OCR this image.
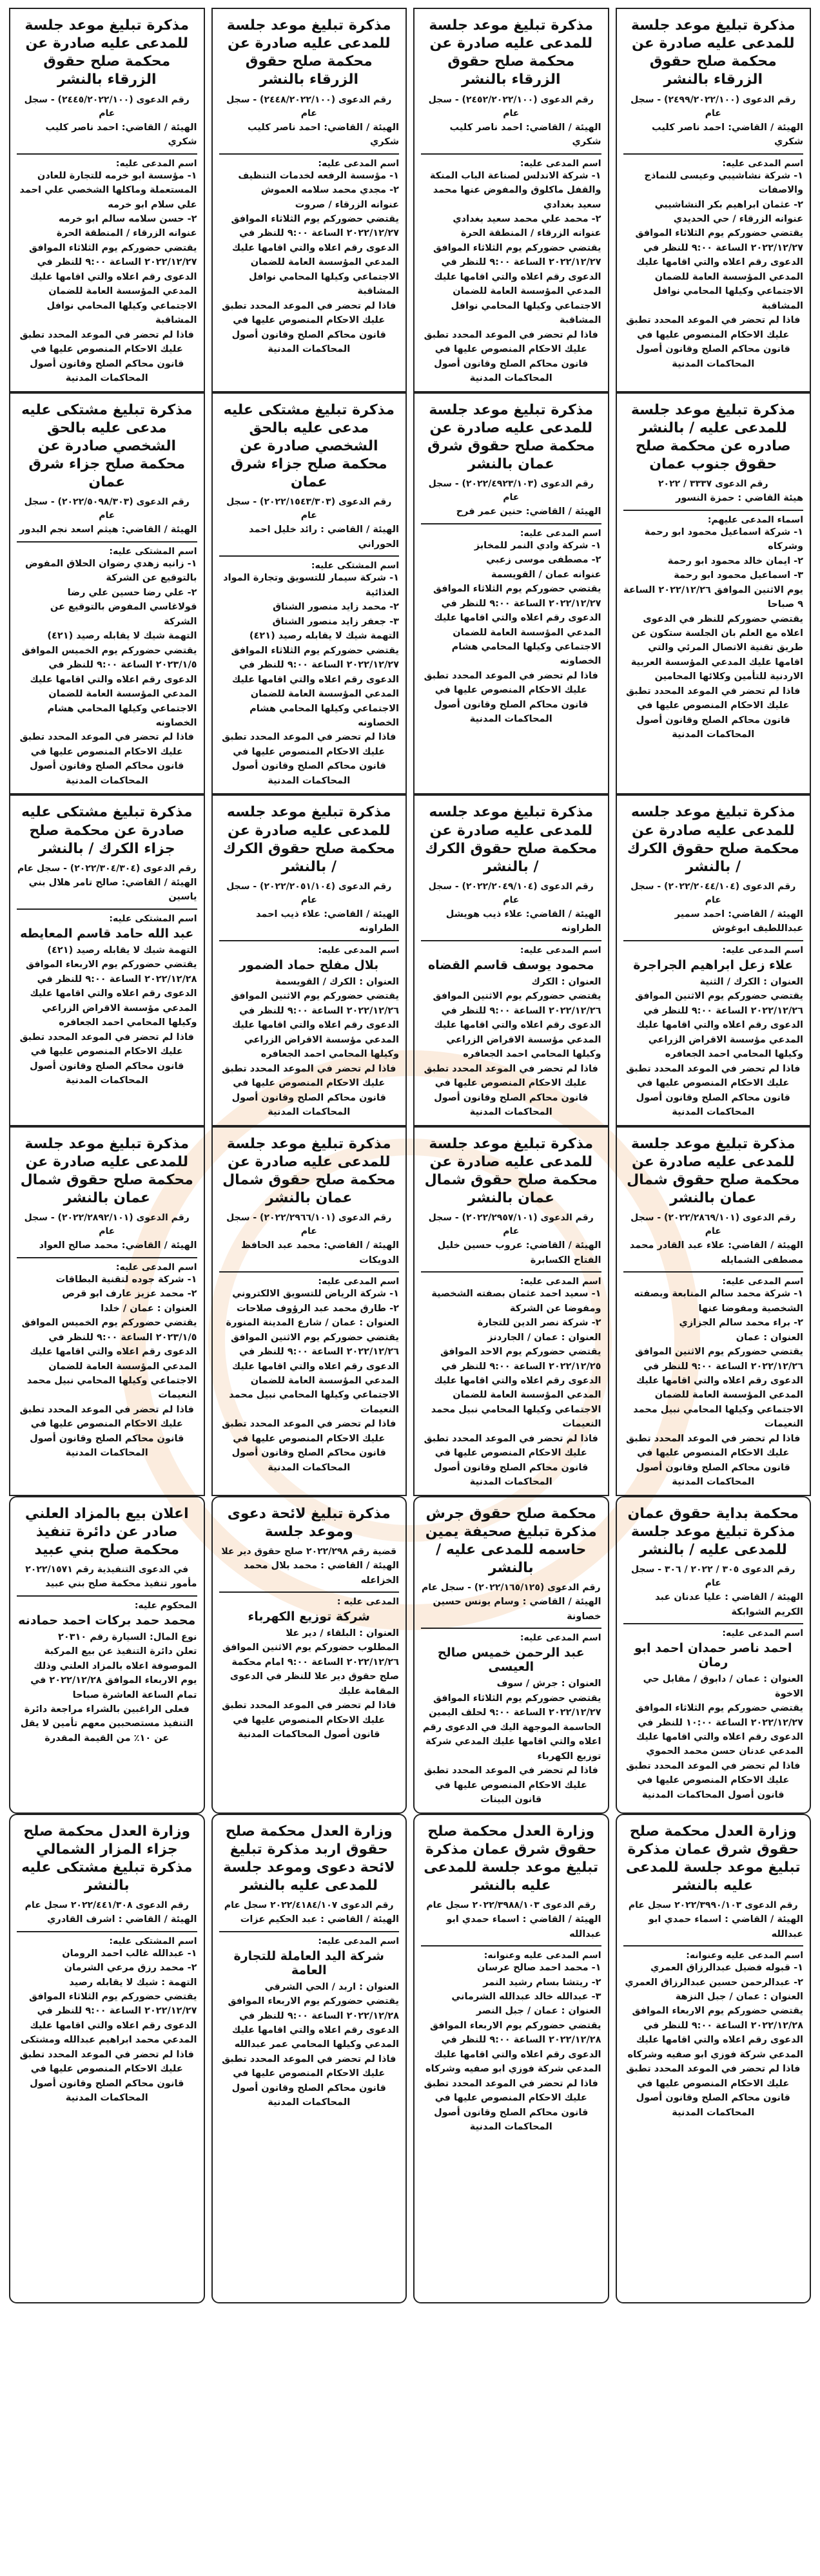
مذكرة تبليغ موعد جلسة للمدعى عليه صادرة عن محكمة صلح حقوق الزرقاء بالنشر
رقم الدعوى (٢٤٩٩/٢٠٢٢/١٠٠) - سجل عام
الهيئة / القاضي: احمد ناصر كليب شكري
اسم المدعى عليه:
١- شركة نشاشيبي وعيسى للنماذج والاصفات
٢- عثمان ابراهيم بكر النشاشيبي
عنوانه الزرقاء / حي الحديدي
يقتضي حضوركم يوم الثلاثاء الموافق ٢٠٢٢/١٢/٢٧ الساعة ٩:٠٠ للنظر في الدعوى رقم اعلاه والتي اقامها عليك المدعي المؤسسة العامة للضمان الاجتماعي وكيلها المحامي نوافل المشاقبة
فاذا لم تحضر في الموعد المحدد تطبق عليك الاحكام المنصوص عليها في قانون محاكم الصلح وقانون أصول المحاكمات المدنية
مذكرة تبليغ موعد جلسة للمدعى عليه صادرة عن محكمة صلح حقوق الزرقاء بالنشر
رقم الدعوى (٢٤٥٢/٢٠٢٢/١٠٠) - سجل عام
الهيئة / القاضي: احمد ناصر كليب شكري
اسم المدعى عليه:
١- شركة الاندلس لصناعة الباب المنكة والقفل ماكلوق والمفوض عنها محمد سعيد بغدادي
٢- محمد علي محمد سعيد بغدادي
عنوانه الزرقاء / المنطقة الحرة
يقتضي حضوركم يوم الثلاثاء الموافق ٢٠٢٢/١٢/٢٧ الساعة ٩:٠٠ للنظر في الدعوى رقم اعلاه والتي اقامها عليك المدعي المؤسسة العامة للضمان الاجتماعي وكيلها المحامي نوافل المشاقبة
فاذا لم تحضر في الموعد المحدد تطبق عليك الاحكام المنصوص عليها في قانون محاكم الصلح وقانون أصول المحاكمات المدنية
مذكرة تبليغ موعد جلسة للمدعى عليه صادرة عن محكمة صلح حقوق الزرقاء بالنشر
رقم الدعوى (٢٤٤٨/٢٠٢٢/١٠٠) - سجل عام
الهيئة / القاضي: احمد ناصر كليب شكري
اسم المدعى عليه:
١- مؤسسة الرفعه لخدمات التنظيف
٢- مجدي محمد سلامه العموش
عنوانه الزرقاء / صروت
يقتضي حضوركم يوم الثلاثاء الموافق ٢٠٢٢/١٢/٢٧ الساعة ٩:٠٠ للنظر في الدعوى رقم اعلاه والتي اقامها عليك المدعي المؤسسة العامة للضمان الاجتماعي وكيلها المحامي نوافل المشاقبة
فاذا لم تحضر في الموعد المحدد تطبق عليك الاحكام المنصوص عليها في قانون محاكم الصلح وقانون أصول المحاكمات المدنية
مذكرة تبليغ موعد جلسة للمدعى عليه صادرة عن محكمة صلح حقوق الزرقاء بالنشر
رقم الدعوى (٢٤٤٥/٢٠٢٢/١٠٠) - سجل عام
الهيئة / القاضي: احمد ناصر كليب شكري
اسم المدعى عليه:
١- مؤسسة ابو خرمه للتجارة للعادن المستعملة وماكلها الشخصي علي احمد علي سلام ابو خرمه
٢- حسن سلامه سالم ابو خرمه
عنوانه الزرقاء / المنطقة الحرة
يقتضي حضوركم يوم الثلاثاء الموافق ٢٠٢٢/١٢/٢٧ الساعة ٩:٠٠ للنظر في الدعوى رقم اعلاه والتي اقامها عليك المدعي المؤسسة العامة للضمان الاجتماعي وكيلها المحامي نوافل المشاقبة
فاذا لم تحضر في الموعد المحدد تطبق عليك الاحكام المنصوص عليها في قانون محاكم الصلح وقانون أصول المحاكمات المدنية
مذكرة تبليغ موعد جلسة للمدعى عليه / بالنشر صادره عن محكمة صلح حقوق جنوب عمان
رقم الدعوى ٣٣٣٧ / ٢٠٢٢
هيئة القاضي : حمزة النسور
اسماء المدعى عليهم:
١- شركة اسماعيل محمود ابو رحمة وشركاه
٢- ايمان خالد محمود ابو رحمة
٣- اسماعيل محمود ابو رحمة
يوم الاثنين الموافق ٢٠٢٢/١٢/٢٦ الساعة ٩ صباحا
يقتضي حضوركم للنظر في الدعوى اعلاه مع العلم بان الجلسة ستكون عن طريق تقنية الاتصال المرئي والتي اقامها عليك المدعي المؤسسة العربية الاردنية للتأمين وكلائها المحامين
فاذا لم تحضر في الموعد المحدد تطبق عليك الاحكام المنصوص عليها في قانون محاكم الصلح وقانون أصول المحاكمات المدنية
مذكرة تبليغ موعد جلسة للمدعى عليه صادرة عن محكمة صلح حقوق شرق عمان بالنشر
رقم الدعوى (٢٠٢٢/٤٩٢٣/١٠٣) - سجل عام
الهيئة / القاضي: حنين عمر فرح
اسم المدعى عليه:
١- شركة وادي النمر للمخابز
٢- مصطفى موسى زعبي
عنوانه عمان / القويسمة
يقتضي حضوركم يوم الثلاثاء الموافق ٢٠٢٢/١٢/٢٧ الساعة ٩:٠٠ للنظر في الدعوى رقم اعلاه والتي اقامها عليك المدعي المؤسسة العامة للضمان الاجتماعي وكيلها المحامي هشام الخصاونه
فاذا لم تحضر في الموعد المحدد تطبق عليك الاحكام المنصوص عليها في قانون محاكم الصلح وقانون أصول المحاكمات المدنية
مذكرة تبليغ مشتكى عليه مدعى عليه بالحق الشخصي صادرة عن محكمة صلح جزاء شرق عمان
رقم الدعوى (٢٠٢٢/١٥٤٣/٣٠٣) - سجل عام
الهيئة / القاضي : رائد خليل احمد الحوراني
اسم المشتكى عليه:
١- شركة سيمار للتسويق وتجارة المواد الغذائية
٢- محمد زايد منصور الشناق
٣- جعفر زايد منصور الشناق
التهمة شيك لا يقابله رصيد (٤٢١)
يقتضي حضوركم يوم الثلاثاء الموافق ٢٠٢٢/١٢/٢٧ الساعة ٩:٠٠ للنظر في الدعوى رقم اعلاه والتي اقامها عليك المدعي المؤسسة العامة للضمان الاجتماعي وكيلها المحامي هشام الخصاونه
فاذا لم تحضر في الموعد المحدد تطبق عليك الاحكام المنصوص عليها في قانون محاكم الصلح وقانون أصول المحاكمات المدنية
مذكرة تبليغ مشتكى عليه مدعى عليه بالحق الشخصي صادرة عن محكمة صلح جزاء شرق عمان
رقم الدعوى (٢٠٢٢/٥٠٩٨/٣٠٣) - سجل عام
الهيئة / القاضي: هيثم اسعد نجم البدور
اسم المشتكى عليه:
١- زانيه زهدي رضوان الحلاق المفوض بالتوقيع عن الشركة
٢- علي رضا حسين علي رضا قولاغاسي المفوض بالتوقيع عن الشركة
التهمة شيك لا يقابله رصيد (٤٢١)
يقتضي حضوركم يوم الخميس الموافق ٢٠٢٣/١/٥ الساعة ٩:٠٠ للنظر في الدعوى رقم اعلاه والتي اقامها عليك المدعي المؤسسة العامة للضمان الاجتماعي وكيلها المحامي هشام الخصاونه
فاذا لم تحضر في الموعد المحدد تطبق عليك الاحكام المنصوص عليها في قانون محاكم الصلح وقانون أصول المحاكمات المدنية
مذكرة تبليغ موعد جلسه للمدعى عليه صادرة عن محكمة صلح حقوق الكرك / بالنشر
رقم الدعوى (٢٠٢٢/٢٠٤٤/١٠٤) - سجل عام
الهيئة / القاضي: احمد سمير عبداللطيف ابوغوش
اسم المدعى عليه:
علاء زعل ابراهيم الجراجرة
العنوان : الكرك / الثنية
يقتضي حضوركم يوم الاثنين الموافق ٢٠٢٢/١٢/٢٦ الساعة ٩:٠٠ للنظر في الدعوى رقم اعلاه والتي اقامها عليك المدعي مؤسسة الاقراض الزراعي وكيلها المحامي احمد الجعافره
فاذا لم تحضر في الموعد المحدد تطبق عليك الاحكام المنصوص عليها في قانون محاكم الصلح وقانون أصول المحاكمات المدنية
مذكرة تبليغ موعد جلسه للمدعى عليه صادرة عن محكمة صلح حقوق الكرك / بالنشر
رقم الدعوى (٢٠٢٢/٢٠٤٩/١٠٤) - سجل عام
الهيئة / القاضي: علاء ذيب هويشل الطراونه
اسم المدعى عليه:
محمود يوسف قاسم القضاه
العنوان : الكرك
يقتضي حضوركم يوم الاثنين الموافق ٢٠٢٢/١٢/٢٦ الساعة ٩:٠٠ للنظر في الدعوى رقم اعلاه والتي اقامها عليك المدعي مؤسسة الاقراض الزراعي وكيلها المحامي احمد الجعافره
فاذا لم تحضر في الموعد المحدد تطبق عليك الاحكام المنصوص عليها في قانون محاكم الصلح وقانون أصول المحاكمات المدنية
مذكرة تبليغ موعد جلسه للمدعى عليه صادرة عن محكمة صلح حقوق الكرك / بالنشر
رقم الدعوى (٢٠٢٢/٢٠٥١/١٠٤) - سجل عام
الهيئة / القاضي: علاء ذيب احمد الطراونه
اسم المدعى عليه:
بلال مفلح حماد الضمور
العنوان : الكرك / القويسمة
يقتضي حضوركم يوم الاثنين الموافق ٢٠٢٢/١٢/٢٦ الساعة ٩:٠٠ للنظر في الدعوى رقم اعلاه والتي اقامها عليك المدعي مؤسسة الاقراض الزراعي وكيلها المحامي احمد الجعافره
فاذا لم تحضر في الموعد المحدد تطبق عليك الاحكام المنصوص عليها في قانون محاكم الصلح وقانون أصول المحاكمات المدنية
مذكرة تبليغ مشتكى عليه صادرة عن محكمة صلح جزاء الكرك / بالنشر
رقم الدعوى (٢٠٢٢/٣٠٤/٣٠٤) - سجل عام
الهيئة / القاضي: صالح تامر هلال بني ياسين
اسم المشتكى عليه:
عبد الله حامد قاسم المعايطه
التهمة شيك لا يقابله رصيد (٤٢١)
يقتضي حضوركم يوم الاربعاء الموافق ٢٠٢٢/١٢/٢٨ الساعة ٩:٠٠ للنظر في الدعوى رقم اعلاه والتي اقامها عليك المدعي مؤسسة الاقراض الزراعي وكيلها المحامي احمد الجعافره
فاذا لم تحضر في الموعد المحدد تطبق عليك الاحكام المنصوص عليها في قانون محاكم الصلح وقانون أصول المحاكمات المدنية
مذكرة تبليغ موعد جلسة للمدعى عليه صادرة عن محكمة صلح حقوق شمال عمان بالنشر
رقم الدعوى (٢٠٢٢/٢٨٦٩/١٠١) - سجل عام
الهيئة / القاضي: علاء عبد القادر محمد مصطفى الشمايله
اسم المدعى عليه:
١- شركة محمد سالم المنابعة وبصفته الشخصية ومفوضا عنها
٢- براء محمد سالم الجزازي
العنوان : عمان
يقتضي حضوركم يوم الاثنين الموافق ٢٠٢٢/١٢/٢٦ الساعة ٩:٠٠ للنظر في الدعوى رقم اعلاه والتي اقامها عليك المدعي المؤسسة العامة للضمان الاجتماعي وكيلها المحامي نبيل محمد النعيمات
فاذا لم تحضر في الموعد المحدد تطبق عليك الاحكام المنصوص عليها في قانون محاكم الصلح وقانون أصول المحاكمات المدنية
مذكرة تبليغ موعد جلسة للمدعى عليه صادرة عن محكمة صلح حقوق شمال عمان بالنشر
رقم الدعوى (٢٠٢٢/٢٩٥٧/١٠١) - سجل عام
الهيئة / القاضي: عروب حسين خليل الفتاح الكسابرة
اسم المدعى عليه:
١- سعيد احمد عثمان بصفته الشخصية ومفوضا عن الشركة
٢- شركة نصر الدين للتجارة
العنوان : عمان / الجاردنز
يقتضي حضوركم يوم الاحد الموافق ٢٠٢٢/١٢/٢٥ الساعة ٩:٠٠ للنظر في الدعوى رقم اعلاه والتي اقامها عليك المدعي المؤسسة العامة للضمان الاجتماعي وكيلها المحامي نبيل محمد النعيمات
فاذا لم تحضر في الموعد المحدد تطبق عليك الاحكام المنصوص عليها في قانون محاكم الصلح وقانون أصول المحاكمات المدنية
مذكرة تبليغ موعد جلسة للمدعى عليه صادرة عن محكمة صلح حقوق شمال عمان بالنشر
رقم الدعوى (٢٠٢٢/٢٩٦٦/١٠١) - سجل عام
الهيئة / القاضي: محمد عبد الحافظ الدويكات
اسم المدعى عليه:
١- شركة الرياض للتسويق الالكتروني
٢- طارق محمد عبد الرؤوف صلاحات
العنوان : عمان / شارع المدينة المنورة
يقتضي حضوركم يوم الاثنين الموافق ٢٠٢٢/١٢/٢٦ الساعة ٩:٠٠ للنظر في الدعوى رقم اعلاه والتي اقامها عليك المدعي المؤسسة العامة للضمان الاجتماعي وكيلها المحامي نبيل محمد النعيمات
فاذا لم تحضر في الموعد المحدد تطبق عليك الاحكام المنصوص عليها في قانون محاكم الصلح وقانون أصول المحاكمات المدنية
مذكرة تبليغ موعد جلسة للمدعى عليه صادرة عن محكمة صلح حقوق شمال عمان بالنشر
رقم الدعوى (٢٠٢٢/٢٨٩٢/١٠١) - سجل عام
الهيئة / القاضي: محمد صالح العواد
اسم المدعى عليه:
١- شركة جوده لتقنية البطاقات
٢- محمد عزيز عارف ابو قرص
العنوان : عمان / خلدا
يقتضي حضوركم يوم الخميس الموافق ٢٠٢٣/١/٥ الساعة ٩:٠٠ للنظر في الدعوى رقم اعلاه والتي اقامها عليك المدعي المؤسسة العامة للضمان الاجتماعي وكيلها المحامي نبيل محمد النعيمات
فاذا لم تحضر في الموعد المحدد تطبق عليك الاحكام المنصوص عليها في قانون محاكم الصلح وقانون أصول المحاكمات المدنية
محكمة بداية حقوق عمان مذكرة تبليغ موعد جلسة للمدعى عليه / بالنشر
رقم الدعوى ٣٠٥ / ٢٠٢٢ / ٣٠٦ - سجل عام
الهيئة / القاضي : عليا عدنان عبد الكريم الشوابكة
اسم المدعى عليه:
احمد ناصر حمدان احمد ابو رمان
العنوان : عمان / دابوق / مقابل حي الاخوة
يقتضي حضوركم يوم الثلاثاء الموافق ٢٠٢٢/١٢/٢٧ الساعة ١٠:٠٠ للنظر في الدعوى رقم اعلاه والتي اقامها عليك المدعي عدنان حسن محمد الحموي
فاذا لم تحضر في الموعد المحدد تطبق عليك الاحكام المنصوص عليها في قانون أصول المحاكمات المدنية
محكمة صلح حقوق جرش مذكرة تبليغ صحيفة يمين حاسمه للمدعى عليه / بالنشر
رقم الدعوى (٢٠٢٢/١٦٥/١٢٥) - سجل عام
الهيئة / القاضي : وسام يونس حسين خصاونة
اسم المدعى عليه:
عبد الرحمن خميس صالح العيسى
العنوان : جرش / سوف
يقتضي حضوركم يوم الثلاثاء الموافق ٢٠٢٢/١٢/٢٧ الساعة ٩:٠٠ لحلف اليمين الحاسمة الموجهة اليك في الدعوى رقم اعلاه والتي اقامها عليك المدعي شركة توزيع الكهرباء
فاذا لم تحضر في الموعد المحدد تطبق عليك الاحكام المنصوص عليها في قانون البينات
مذكرة تبليغ لائحة دعوى وموعد جلسة
قضية رقم ٢٠٢٢/٢٩٨ صلح حقوق دير علا
الهيئة / القاضي : محمد بلال محمد الخزاعله
المدعى عليه :
شركة توزيع الكهرباء
العنوان : البلقاء / دير علا
المطلوب حضوركم يوم الاثنين الموافق ٢٠٢٢/١٢/٢٦ الساعة ٩:٠٠ امام محكمة صلح حقوق دير علا للنظر في الدعوى المقامة عليك
فاذا لم تحضر في الموعد المحدد تطبق عليك الاحكام المنصوص عليها في قانون أصول المحاكمات المدنية
اعلان بيع بالمزاد العلني صادر عن دائرة تنفيذ محكمة صلح بني عبيد
في الدعوى التنفيذية رقم ٢٠٢٢/١٥٧١
مأمور تنفيذ محكمة صلح بني عبيد
المحكوم عليه:
محمد حمد بركات احمد حمادنه
نوع المال: السيارة رقم ٢٠٣١٠
تعلن دائرة التنفيذ عن بيع المركبة الموصوفة اعلاه بالمزاد العلني وذلك يوم الاربعاء الموافق ٢٠٢٢/١٢/٢٨ في تمام الساعة العاشرة صباحا
فعلى الراغبين بالشراء مراجعة دائرة التنفيذ مستصحبين معهم تأمين لا يقل عن ١٠٪ من القيمة المقدرة
وزارة العدل محكمة صلح حقوق شرق عمان مذكرة تبليغ موعد جلسة للمدعى عليه بالنشر
رقم الدعوى ٢٠٢٢/٣٩٩٠/١٠٣ سجل عام
الهيئة / القاضي : اسماء حمدي ابو عبدالله
اسم المدعى عليه وعنوانه:
١- قبوله فضيل عبدالرزاق العمري
٢- عبدالرحمن حسين عبدالرزاق العمري
العنوان : عمان / جبل النزهة
يقتضي حضوركم يوم الاربعاء الموافق ٢٠٢٢/١٢/٢٨ الساعة ٩:٠٠ للنظر في الدعوى رقم اعلاه والتي اقامها عليك المدعي شركة فوزي ابو صفيه وشركاه
فاذا لم تحضر في الموعد المحدد تطبق عليك الاحكام المنصوص عليها في قانون محاكم الصلح وقانون أصول المحاكمات المدنية
وزارة العدل محكمة صلح حقوق شرق عمان مذكرة تبليغ موعد جلسة للمدعى عليه بالنشر
رقم الدعوى ٢٠٢٢/٣٩٨٨/١٠٣ سجل عام
الهيئة / القاضي : اسماء حمدي ابو عبدالله
اسم المدعى عليه وعنوانه:
١- محمد احمد صالح عرسان
٢- ريتشا بسام رشيد النمر
٣- عبدالله خالد عبدالله الشرماني
العنوان : عمان / جبل النصر
يقتضي حضوركم يوم الاربعاء الموافق ٢٠٢٢/١٢/٢٨ الساعة ٩:٠٠ للنظر في الدعوى رقم اعلاه والتي اقامها عليك المدعي شركة فوزي ابو صفيه وشركاه
فاذا لم تحضر في الموعد المحدد تطبق عليك الاحكام المنصوص عليها في قانون محاكم الصلح وقانون أصول المحاكمات المدنية
وزارة العدل محكمة صلح حقوق اربد مذكرة تبليغ لائحة دعوى وموعد جلسة للمدعى عليه بالنشر
رقم الدعوى ٢٠٢٢/٤١٨٤/١٠٧ سجل عام
الهيئة / القاضي : عبد الحكيم عزات
اسم المدعى عليه:
شركة اليد العاملة للتجارة العامة
العنوان : اربد / الحي الشرقي
يقتضي حضوركم يوم الاربعاء الموافق ٢٠٢٢/١٢/٢٨ الساعة ٩:٠٠ للنظر في الدعوى رقم اعلاه والتي اقامها عليك المدعي وكيلها المحامي عمر عبدالله
فاذا لم تحضر في الموعد المحدد تطبق عليك الاحكام المنصوص عليها في قانون محاكم الصلح وقانون أصول المحاكمات المدنية
وزارة العدل محكمة صلح جزاء المزار الشمالي مذكرة تبليغ مشتكى عليه بالنشر
رقم الدعوى ٢٠٢٢/٤٤١/٣٠٨ سجل عام
الهيئة / القاضي : اشرف القادري
اسم المشتكى عليه:
١- عبدالله غالب احمد الرومان
٢- محمد رزق مرعي الشرمان
التهمة : شيك لا يقابله رصيد
يقتضي حضوركم يوم الثلاثاء الموافق ٢٠٢٢/١٢/٢٧ الساعة ٩:٠٠ للنظر في الدعوى رقم اعلاه والتي اقامها عليك المدعي محمد ابراهيم عبدالله ومشتكى
فاذا لم تحضر في الموعد المحدد تطبق عليك الاحكام المنصوص عليها في قانون محاكم الصلح وقانون أصول المحاكمات المدنية
